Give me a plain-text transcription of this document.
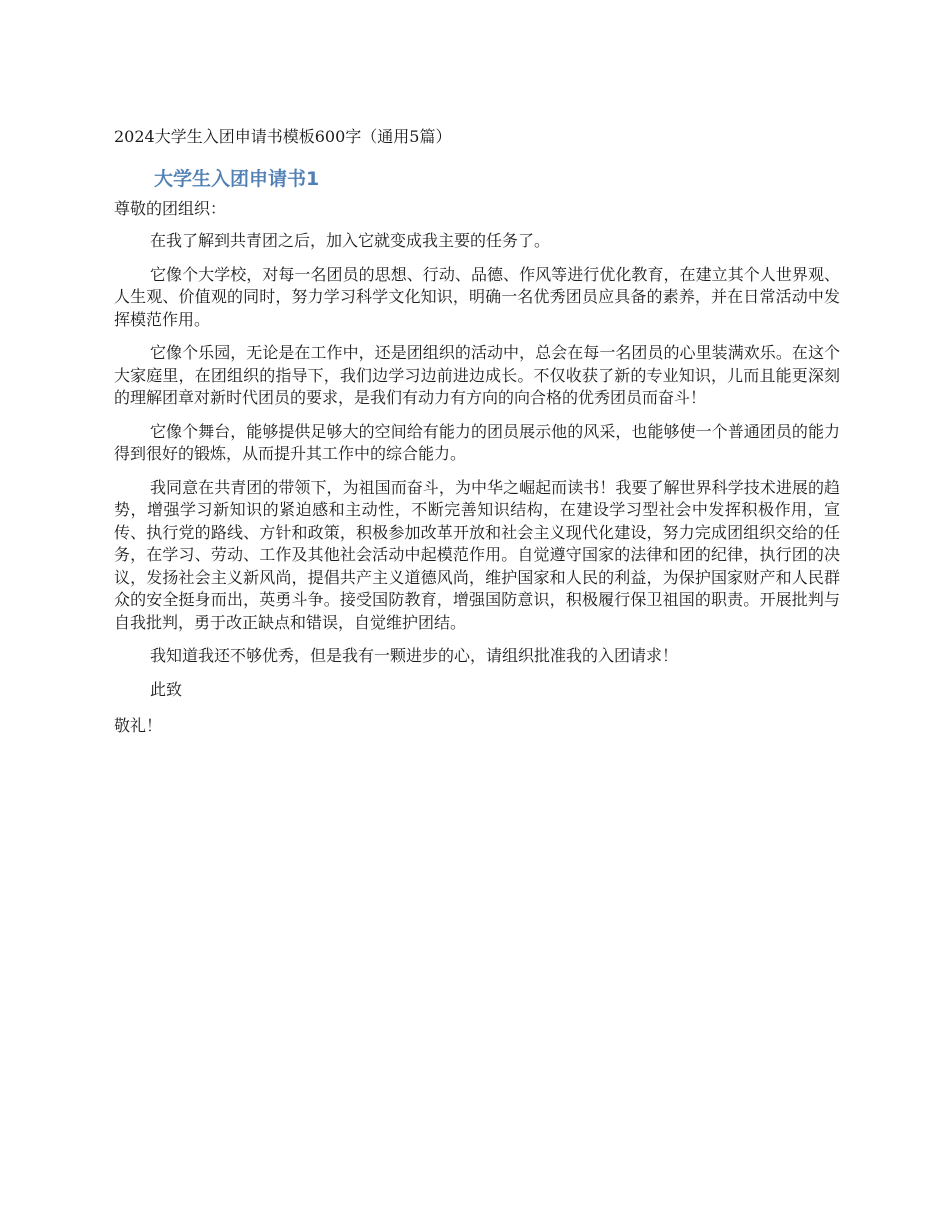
2024大学生入团申请书模板600字（通用5篇）
大学生入团申请书1
尊敬的团组织：

在我了解到共青团之后，加入它就变成我主要的任务了。

它像个大学校，对每一名团员的思想、行动、品德、作风等进行优化教育，在建立其个人世界观、人生观、价值观的同时，努力学习科学文化知识，明确一名优秀团员应具备的素养，并在日常活动中发挥模范作用。

它像个乐园，无论是在工作中，还是团组织的活动中，总会在每一名团员的心里装满欢乐。在这个大家庭里，在团组织的指导下，我们边学习边前进边成长。不仅收获了新的专业知识，儿而且能更深刻的理解团章对新时代团员的要求，是我们有动力有方向的向合格的优秀团员而奋斗！

它像个舞台，能够提供足够大的空间给有能力的团员展示他的风采，也能够使一个普通团员的能力得到很好的锻炼，从而提升其工作中的综合能力。

我同意在共青团的带领下，为祖国而奋斗，为中华之崛起而读书！我要了解世界科学技术进展的趋势，增强学习新知识的紧迫感和主动性，不断完善知识结构，在建设学习型社会中发挥积极作用，宣传、执行党的路线、方针和政策，积极参加改革开放和社会主义现代化建设，努力完成团组织交给的任务，在学习、劳动、工作及其他社会活动中起模范作用。自觉遵守国家的法律和团的纪律，执行团的决议，发扬社会主义新风尚，提倡共产主义道德风尚，维护国家和人民的利益，为保护国家财产和人民群众的安全挺身而出，英勇斗争。接受国防教育，增强国防意识，积极履行保卫祖国的职责。开展批判与自我批判，勇于改正缺点和错误，自觉维护团结。

我知道我还不够优秀，但是我有一颗进步的心，请组织批准我的入团请求！

此致
敬礼！
